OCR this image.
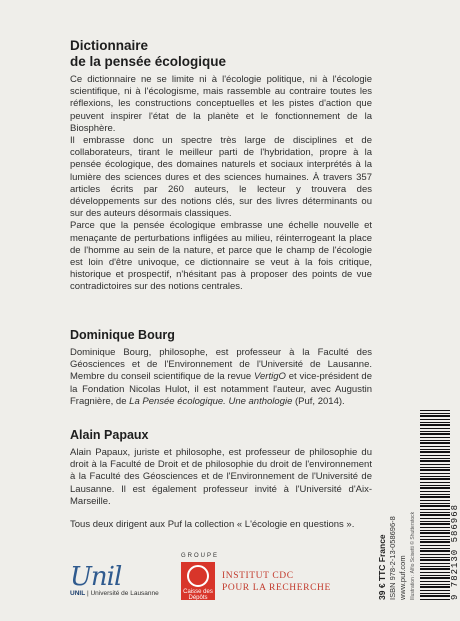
Dictionnaire
de la pensée écologique

Ce dictionnaire ne se limite ni à l'écologie politique, ni à l'écologie scientifique, ni à l'écologisme, mais rassemble au contraire toutes les réflexions, les constructions conceptuelles et les pistes d'action que peuvent inspirer l'état de la planète et le fonctionnement de la Biosphère.

Il embrasse donc un spectre très large de disciplines et de collaborateurs, tirant le meilleur parti de l'hybridation, propre à la pensée écologique, des domaines naturels et sociaux interprétés à la lumière des sciences dures et des sciences humaines. À travers 357 articles écrits par 260 auteurs, le lecteur y trouvera des développements sur des notions clés, sur des livres déterminants ou sur des auteurs désormais classiques.

Parce que la pensée écologique embrasse une échelle nouvelle et menaçante de perturbations infligées au milieu, réinterrogeant la place de l'homme au sein de la nature, et parce que le champ de l'écologie est loin d'être univoque, ce dictionnaire se veut à la fois critique, historique et prospectif, n'hésitant pas à proposer des points de vue contradictoires sur des notions centrales.

Dominique Bourg

Dominique Bourg, philosophe, est professeur à la Faculté des Géosciences et de l'Environnement de l'Université de Lausanne. Membre du conseil scientifique de la revue VertigO et vice-président de la Fondation Nicolas Hulot, il est notamment l'auteur, avec Augustin Fragnière, de La Pensée écologique. Une anthologie (Puf, 2014).

Alain Papaux

Alain Papaux, juriste et philosophe, est professeur de philosophie du droit à la Faculté de Droit et de philosophie du droit de l'environnement à la Faculté des Géosciences et de l'Environnement de l'Université de Lausanne. Il est également professeur invité à l'Université d'Aix-Marseille.

Tous deux dirigent aux Puf la collection « L'écologie en questions ».

39 € TTC France ISBN 978-2-13-058696-8 www.puf.com Illustration : Alfio Scisetti © Shutterstock	9 782130 586968
Unil
UNIL | Université de Lausanne
GROUPE
Caisse des Dépôts
INSTITUT CDC
POUR LA RECHERCHE
